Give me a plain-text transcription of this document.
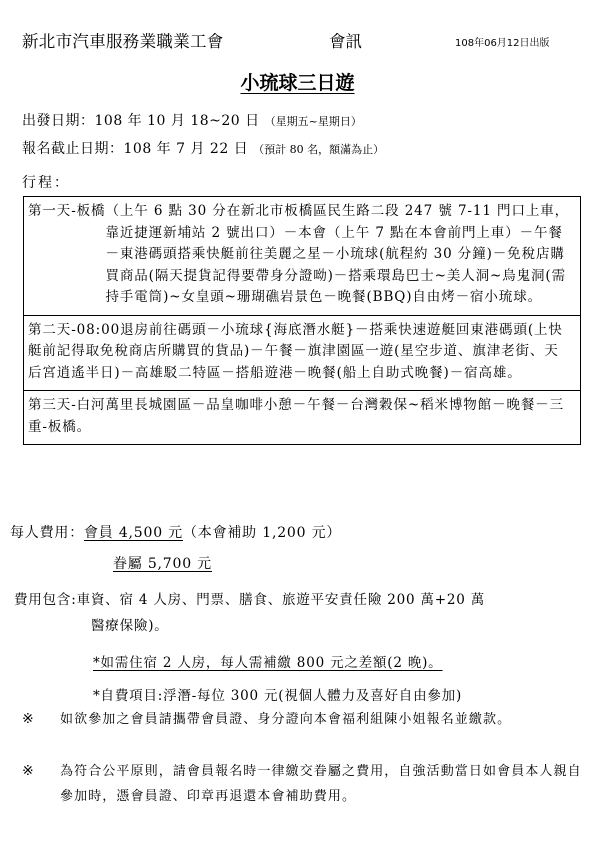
新北市汽車服務業職業工會	會訊	108年06月12日出版
小琉球三日遊
出發日期：108 年 10 月 18~20 日 （星期五~星期日）
報名截止日期：108 年 7 月 22 日 （預計 80 名，額滿為止）
行程：
第一天-板橋 （上午 6 點 30 分在新北市板橋區民生路二段 247 號 7-11 門口上車，靠近捷運新埔站 2 號出口）－本會（上午 7 點在本會前門上車）－午餐－東港碼頭搭乘快艇前往美麗之星－小琉球(航程約 30 分鐘)－免稅店購買商品(隔天提貨記得要帶身分證呦)－搭乘環島巴士~美人洞~烏鬼洞(需持手電筒)~女皇頭~珊瑚礁岩景色－晚餐(BBQ)自由烤－宿小琉球。
第二天-08:00退房前往碼頭－小琉球{海底潛水艇}－搭乘快速遊艇回東港碼頭(上快艇前記得取免稅商店所購買的貨品)－午餐－旗津園區一遊(星空步道、旗津老街、天后宮逍遙半日)－高雄駁二特區－搭船遊港－晚餐(船上自助式晚餐)－宿高雄。
第三天-白河萬里長城園區－品皇咖啡小憩－午餐－台灣穀保~稻米博物館－晚餐－三重-板橋。
每人費用：會員 4,500 元（本會補助 1,200 元）
眷屬 5,700 元
費用包含:車資、宿 4 人房、門票、膳食、旅遊平安責任險 200 萬+20 萬
醫療保險)。
*如需住宿 2 人房，每人需補繳 800 元之差額(2 晚)。
*自費項目:浮潛-每位 300 元(視個人體力及喜好自由參加)
※	如欲參加之會員請攜帶會員證、身分證向本會福利組陳小姐報名並繳款。
※	為符合公平原則，請會員報名時一律繳交眷屬之費用，自強活動當日如會員本人親自參加時，憑會員證、印章再退還本會補助費用。
